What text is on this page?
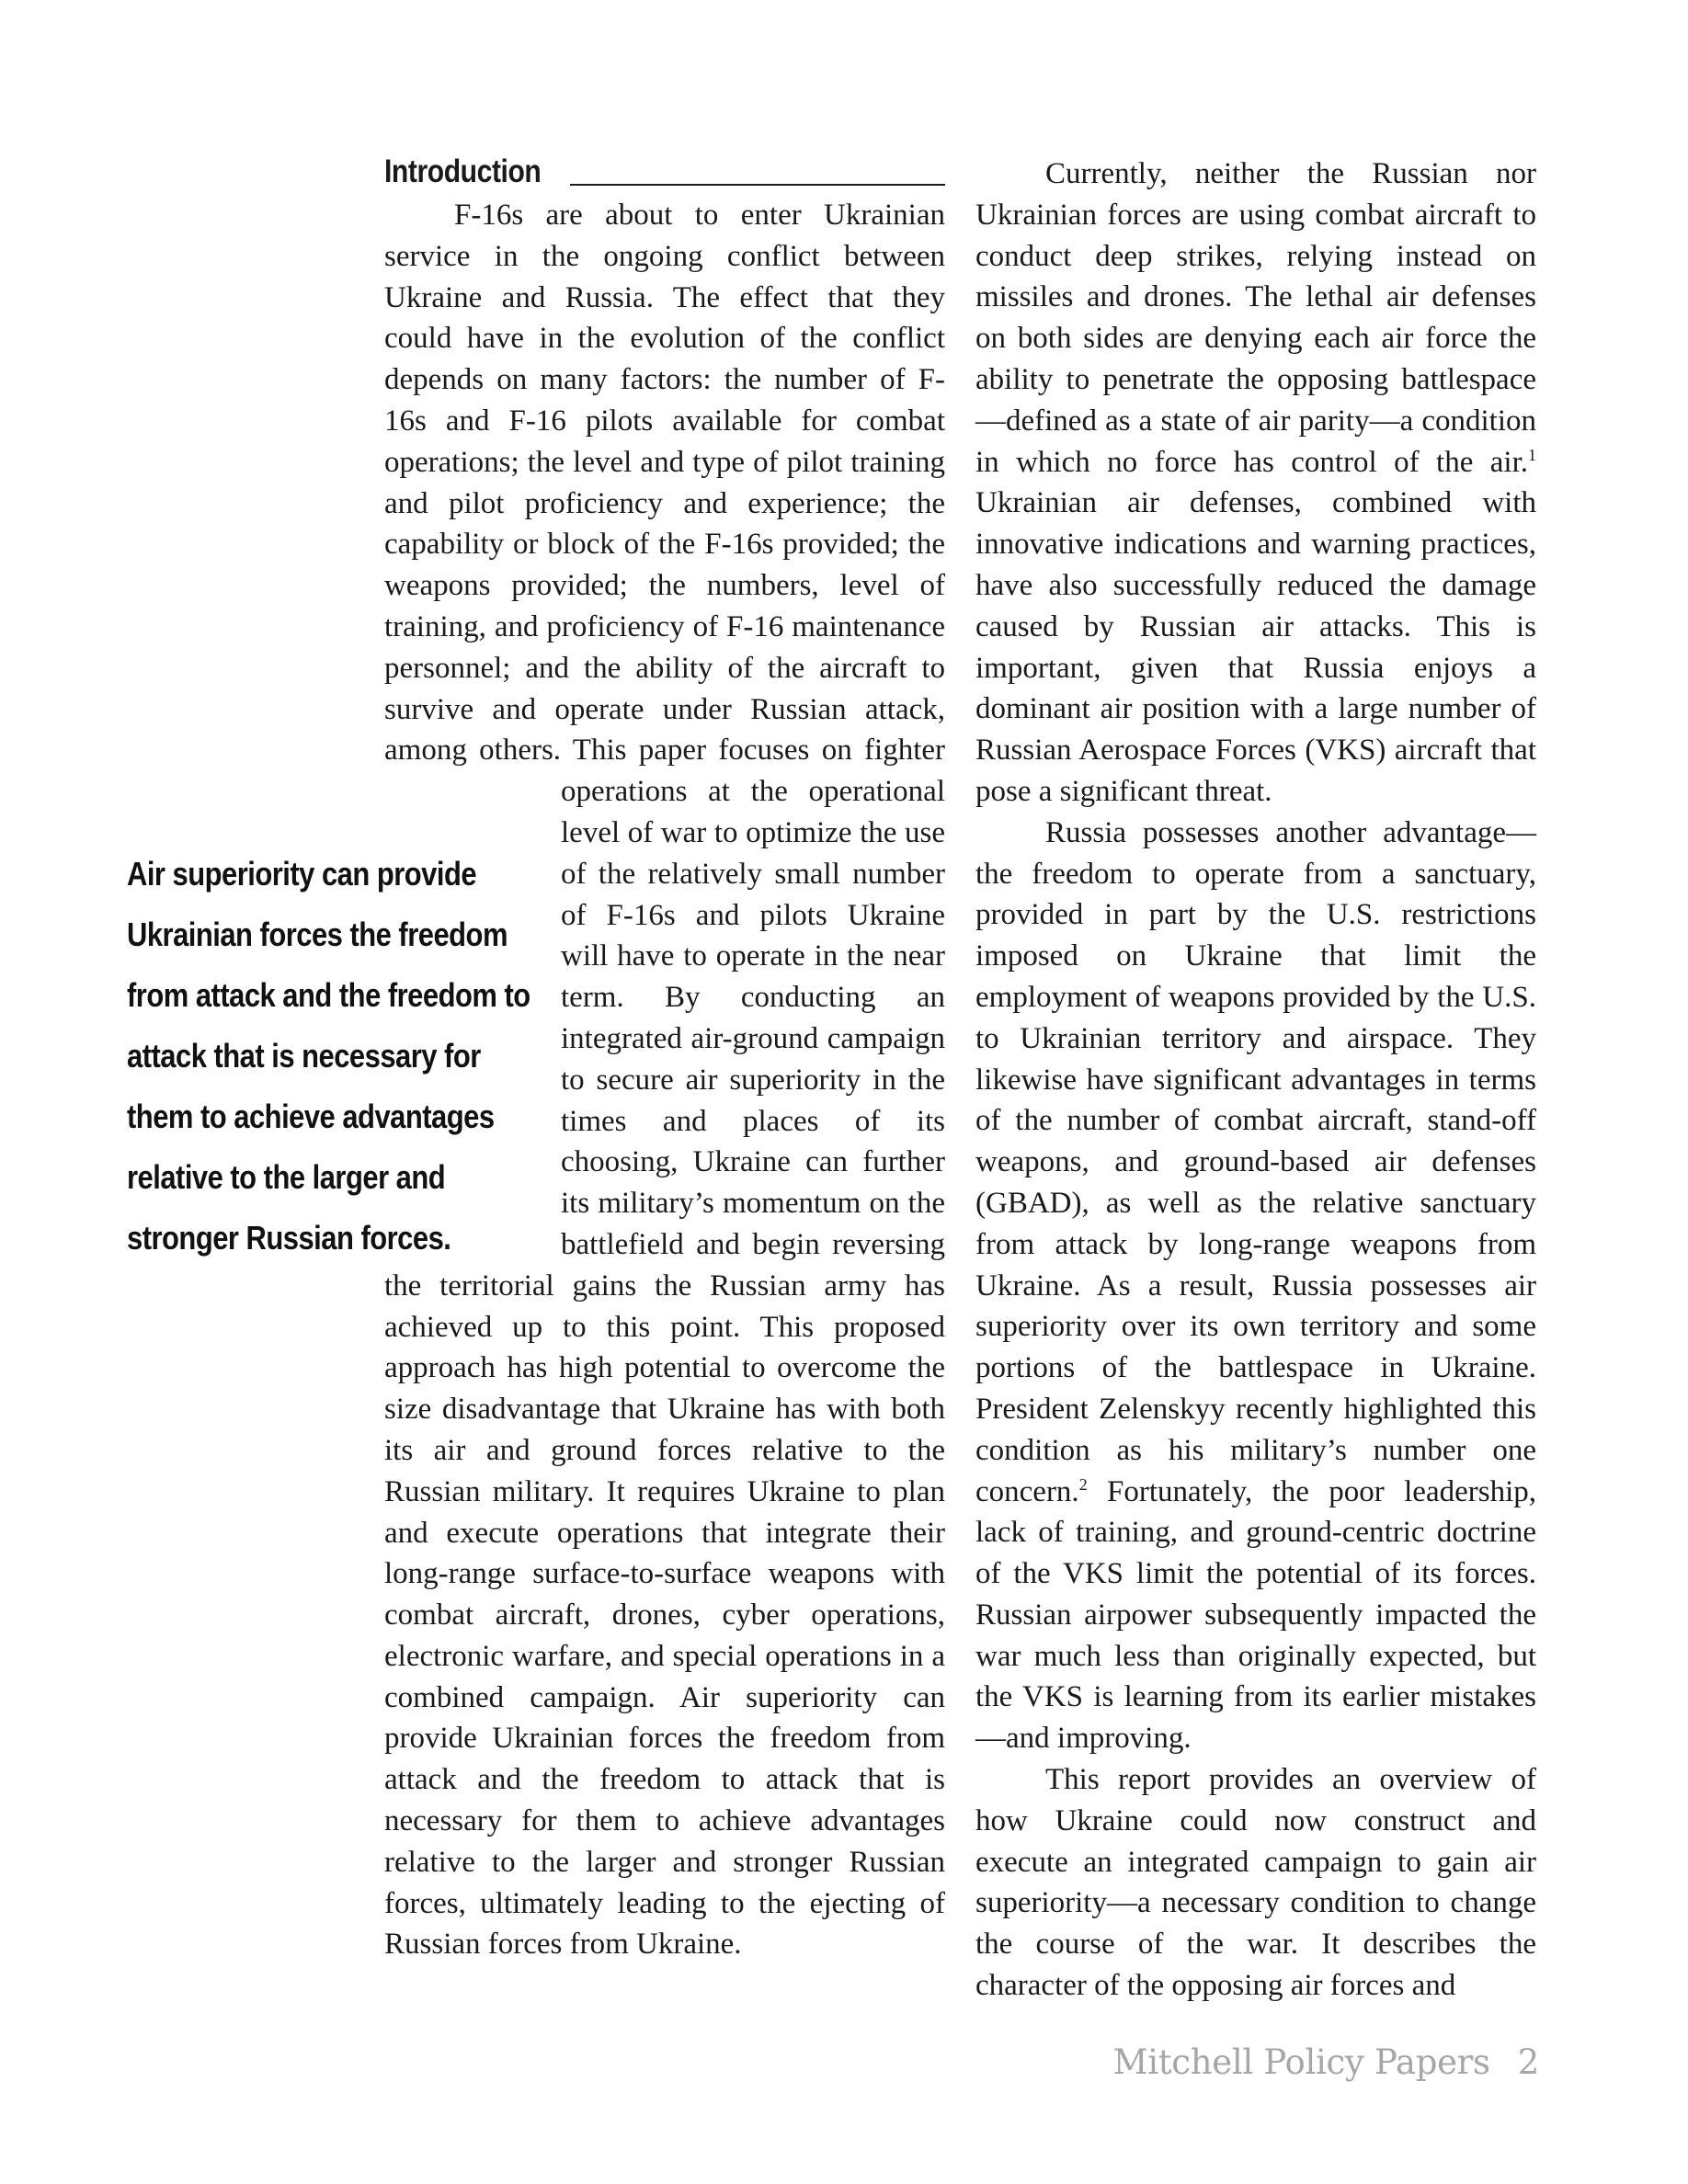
Introduction

F-16s are about to enter Ukrainian service in the ongoing conflict between Ukraine and Russia. The effect that they could have in the evolution of the conflict depends on many factors: the number of F-16s and F-16 pilots available for combat operations; the level and type of pilot training and pilot proficiency and experience; the capability or block of the F-16s provided; the weapons provided; the numbers, level of training, and proficiency of F-16 maintenance personnel; and the ability of the aircraft to survive and operate under Russian attack, among others. This paper focuses on fighter operations at the operational level of war to optimize the use of the relatively small number of F-16s and pilots Ukraine will have to operate in the near term. By conducting an integrated air-ground campaign to secure air superiority in the times and places of its choosing, Ukraine can further its military’s momentum on the battlefield and begin reversing the territorial gains the Russian army has achieved up to this point. This proposed approach has high potential to overcome the size disadvantage that Ukraine has with both its air and ground forces relative to the Russian military. It requires Ukraine to plan and execute operations that integrate their long-range surface-to-surface weapons with combat aircraft, drones, cyber operations, electronic warfare, and special operations in a combined campaign. Air superiority can provide Ukrainian forces the freedom from attack and the freedom to attack that is necessary for them to achieve advantages relative to the larger and stronger Russian forces, ultimately leading to the ejecting of Russian forces from Ukraine.

Air superiority can provide Ukrainian forces the freedom from attack and the freedom to attack that is necessary for them to achieve advantages relative to the larger and stronger Russian forces.

Currently, neither the Russian nor Ukrainian forces are using combat aircraft to conduct deep strikes, relying instead on missiles and drones. The lethal air defenses on both sides are denying each air force the ability to penetrate the opposing battlespace—defined as a state of air parity—a condition in which no force has control of the air.$^1$ Ukrainian air defenses, combined with innovative indications and warning practices, have also successfully reduced the damage caused by Russian air attacks. This is important, given that Russia enjoys a dominant air position with a large number of Russian Aerospace Forces (VKS) aircraft that pose a significant threat.

Russia possesses another advantage—the freedom to operate from a sanctuary, provided in part by the U.S. restrictions imposed on Ukraine that limit the employment of weapons provided by the U.S. to Ukrainian territory and airspace. They likewise have significant advantages in terms of the number of combat aircraft, stand-off weapons, and ground-based air defenses (GBAD), as well as the relative sanctuary from attack by long-range weapons from Ukraine. As a result, Russia possesses air superiority over its own territory and some portions of the battlespace in Ukraine. President Zelenskyy recently highlighted this condition as his military’s number one concern.$^2$ Fortunately, the poor leadership, lack of training, and ground-centric doctrine of the VKS limit the potential of its forces. Russian airpower subsequently impacted the war much less than originally expected, but the VKS is learning from its earlier mistakes—and improving.

This report provides an overview of how Ukraine could now construct and execute an integrated campaign to gain air superiority—a necessary condition to change the course of the war. It describes the character of the opposing air forces and

Mitchell Policy Papers 2
